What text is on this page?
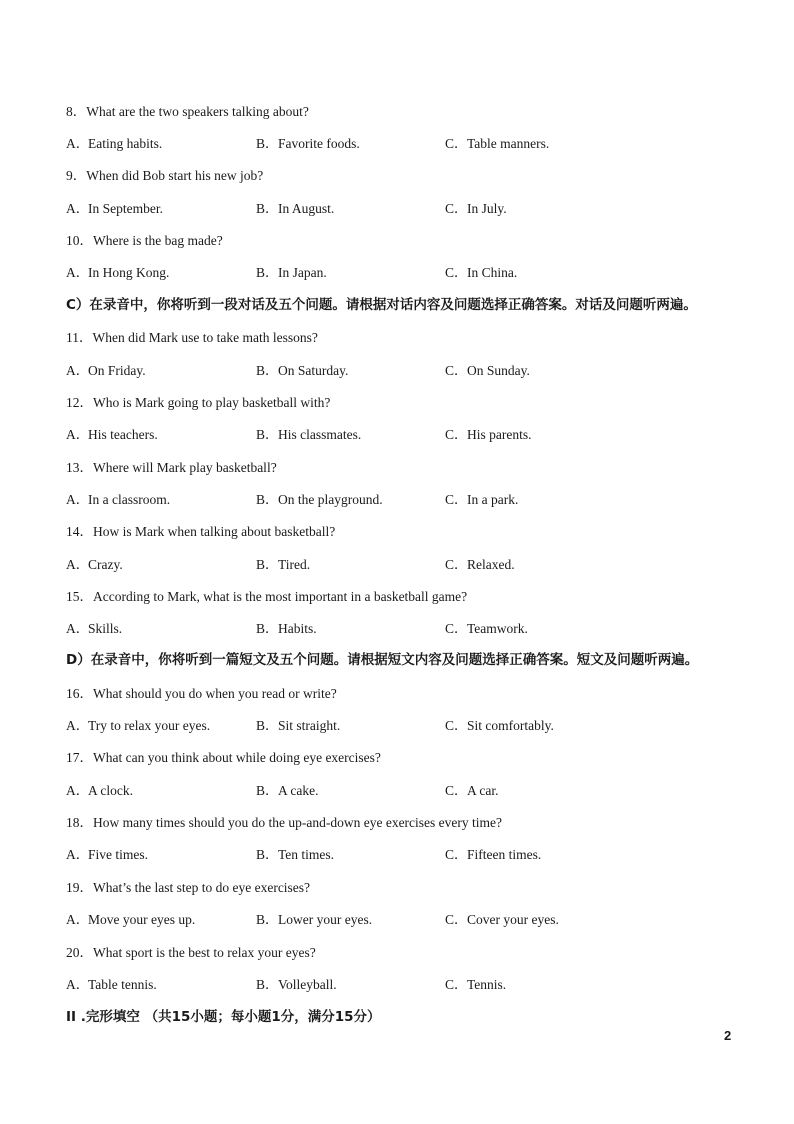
8．What are the two speakers talking about?
A．Eating habits.	B．Favorite foods.	C．Table manners.
9．When did Bob start his new job?
A．In September.	B．In August.	C．In July.
10．Where is the bag made?
A．In Hong Kong.	B．In Japan.	C．In China.
C）在录音中，你将听到一段对话及五个问题。请根据对话内容及问题选择正确答案。对话及问题听两遍。
11．When did Mark use to take math lessons?
A．On Friday.	B．On Saturday.	C．On Sunday.
12．Who is Mark going to play basketball with?
A．His teachers.	B．His classmates.	C．His parents.
13．Where will Mark play basketball?
A．In a classroom.	B．On the playground.	C．In a park.
14．How is Mark when talking about basketball?
A．Crazy.	B．Tired.	C．Relaxed.
15．According to Mark, what is the most important in a basketball game?
A．Skills.	B．Habits.	C．Teamwork.
D）在录音中，你将听到一篇短文及五个问题。请根据短文内容及问题选择正确答案。短文及问题听两遍。
16．What should you do when you read or write?
A．Try to relax your eyes.	B．Sit straight.	C．Sit comfortably.
17．What can you think about while doing eye exercises?
A．A clock.	B．A cake.	C．A car.
18．How many times should you do the up-and-down eye exercises every time?
A．Five times.	B．Ten times.	C．Fifteen times.
19．What’s the last step to do eye exercises?
A．Move your eyes up.	B．Lower your eyes.	C．Cover your eyes.
20．What sport is the best to relax your eyes?
A．Table tennis.	B．Volleyball.	C．Tennis.
II .完形填空 （共15小题；每小题1分，满分15分）
2
